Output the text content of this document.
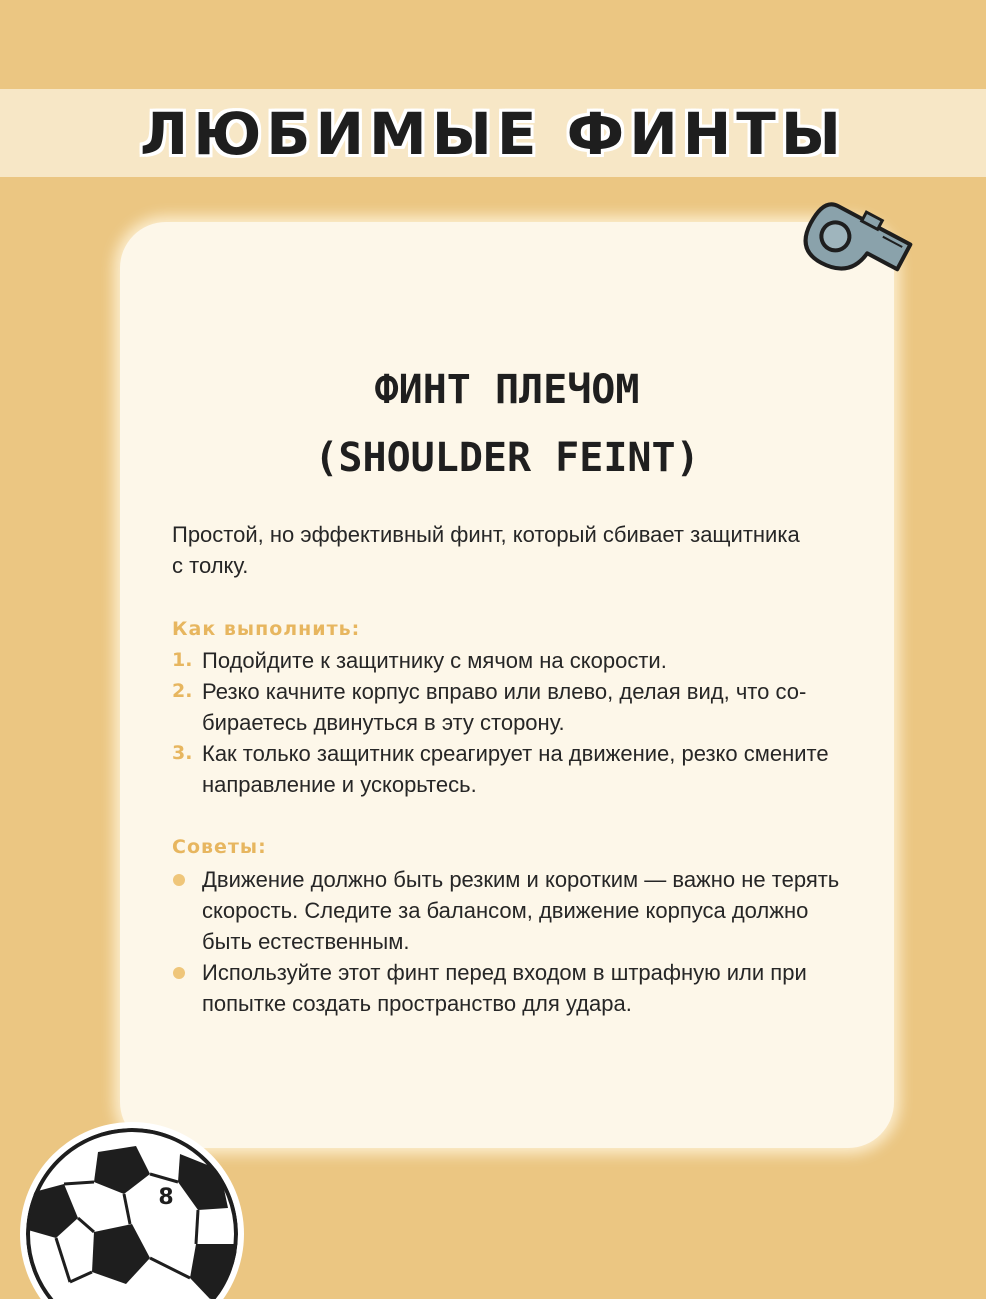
ЛЮБИМЫЕ ФИНТЫ
ФИНТ ПЛЕЧОМ
(SHOULDER FEINT)
Простой, но эффективный финт, который сбивает защитника
с толку.
Как выполнить:
1. Подойдите к защитнику с мячом на скорости.
2. Резко качните корпус вправо или влево, делая вид, что со-
бираетесь двинуться в эту сторону.
3. Как только защитник среагирует на движение, резко смените
направление и ускорьтесь.
Советы:
Движение должно быть резким и коротким — важно не терять
скорость. Следите за балансом, движение корпуса должно
быть естественным.
Используйте этот финт перед входом в штрафную или при
попытке создать пространство для удара.
8
